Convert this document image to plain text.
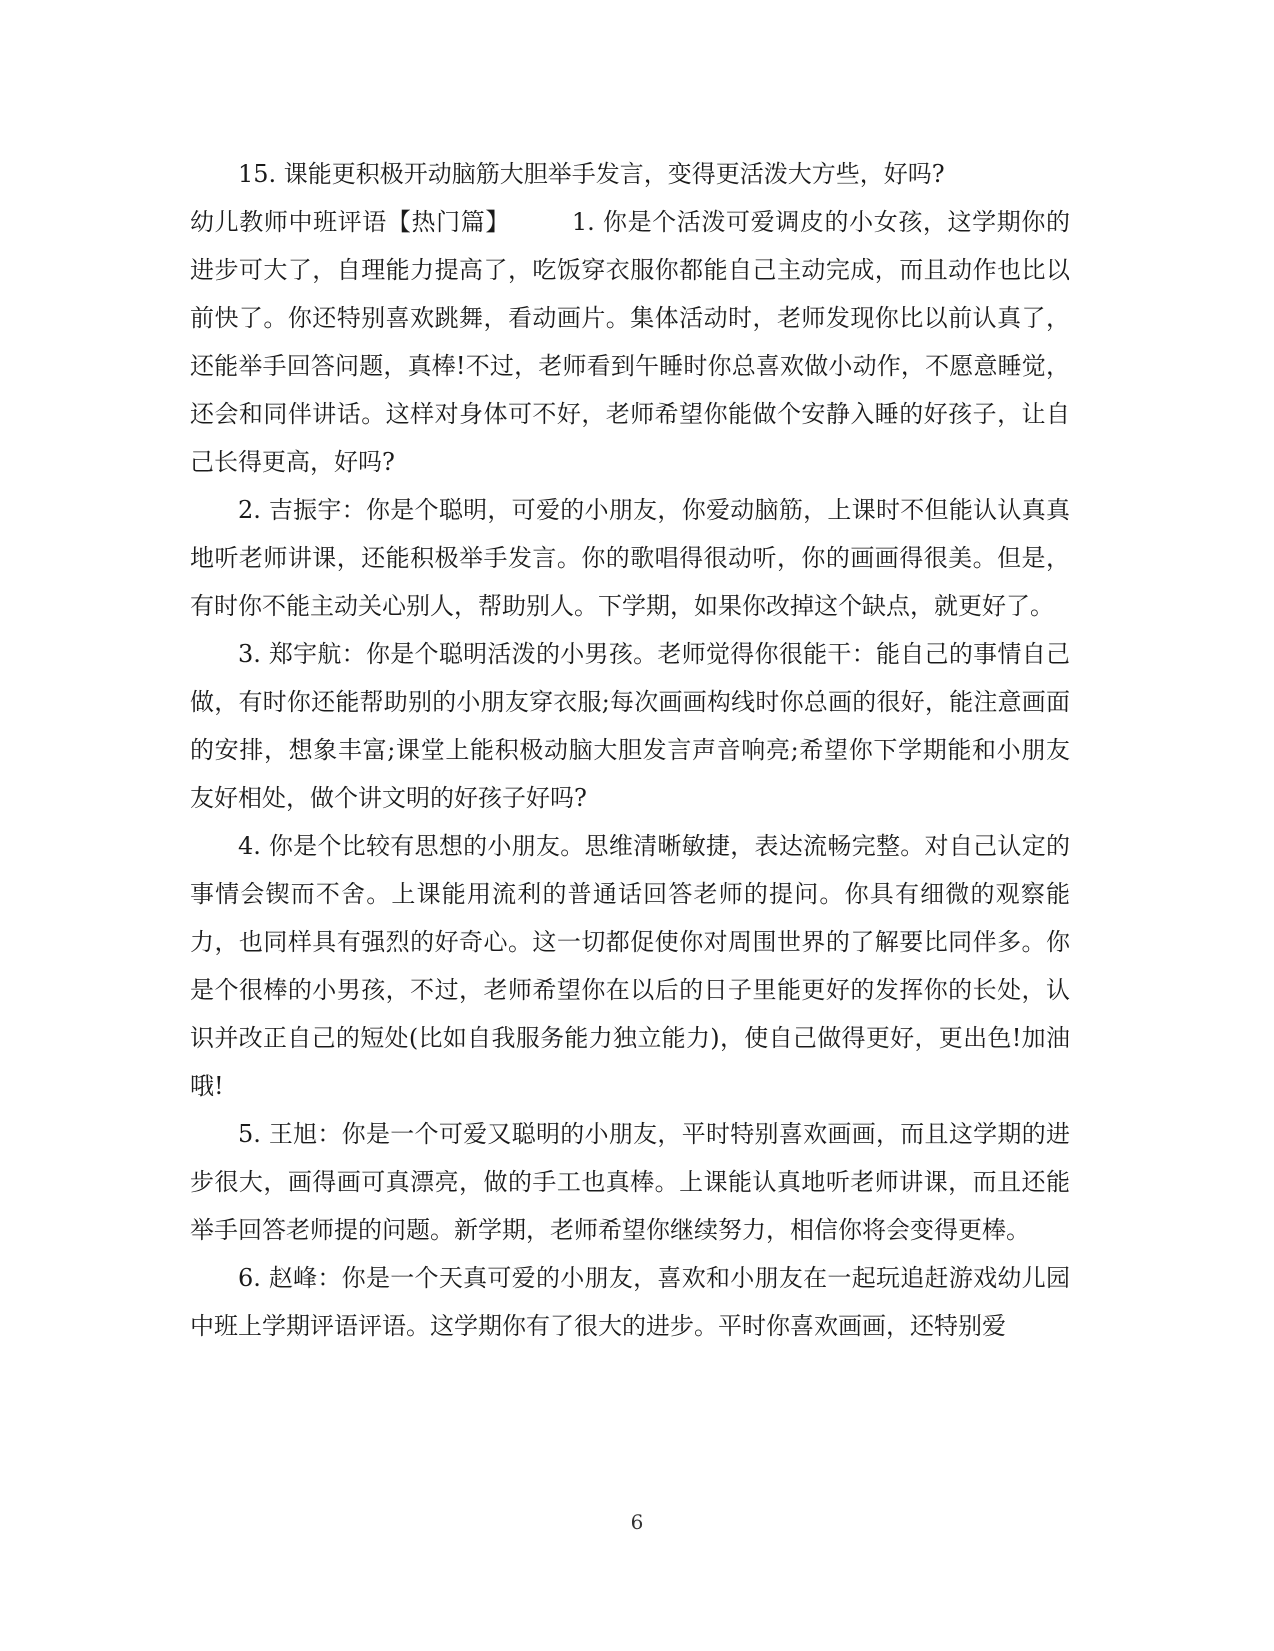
15. 课能更积极开动脑筋大胆举手发言，变得更活泼大方些，好吗?

幼儿教师中班评语【热门篇】　　　1. 你是个活泼可爱调皮的小女孩，这学期你的进步可大了，自理能力提高了，吃饭穿衣服你都能自己主动完成，而且动作也比以前快了。你还特别喜欢跳舞，看动画片。集体活动时，老师发现你比以前认真了，还能举手回答问题，真棒!不过，老师看到午睡时你总喜欢做小动作，不愿意睡觉，还会和同伴讲话。这样对身体可不好，老师希望你能做个安静入睡的好孩子，让自己长得更高，好吗?

2. 吉振宇：你是个聪明，可爱的小朋友，你爱动脑筋，上课时不但能认认真真地听老师讲课，还能积极举手发言。你的歌唱得很动听，你的画画得很美。但是，有时你不能主动关心别人，帮助别人。下学期，如果你改掉这个缺点，就更好了。

3. 郑宇航：你是个聪明活泼的小男孩。老师觉得你很能干：能自己的事情自己做，有时你还能帮助别的小朋友穿衣服;每次画画构线时你总画的很好，能注意画面的安排，想象丰富;课堂上能积极动脑大胆发言声音响亮;希望你下学期能和小朋友友好相处，做个讲文明的好孩子好吗?

4. 你是个比较有思想的小朋友。思维清晰敏捷，表达流畅完整。对自己认定的事情会锲而不舍。上课能用流利的普通话回答老师的提问。你具有细微的观察能力，也同样具有强烈的好奇心。这一切都促使你对周围世界的了解要比同伴多。你是个很棒的小男孩，不过，老师希望你在以后的日子里能更好的发挥你的长处，认识并改正自己的短处(比如自我服务能力独立能力)，使自己做得更好，更出色!加油哦!

5. 王旭：你是一个可爱又聪明的小朋友，平时特别喜欢画画，而且这学期的进步很大，画得画可真漂亮，做的手工也真棒。上课能认真地听老师讲课，而且还能举手回答老师提的问题。新学期，老师希望你继续努力，相信你将会变得更棒。

6. 赵峰：你是一个天真可爱的小朋友，喜欢和小朋友在一起玩追赶游戏幼儿园中班上学期评语评语。这学期你有了很大的进步。平时你喜欢画画，还特别爱

6
